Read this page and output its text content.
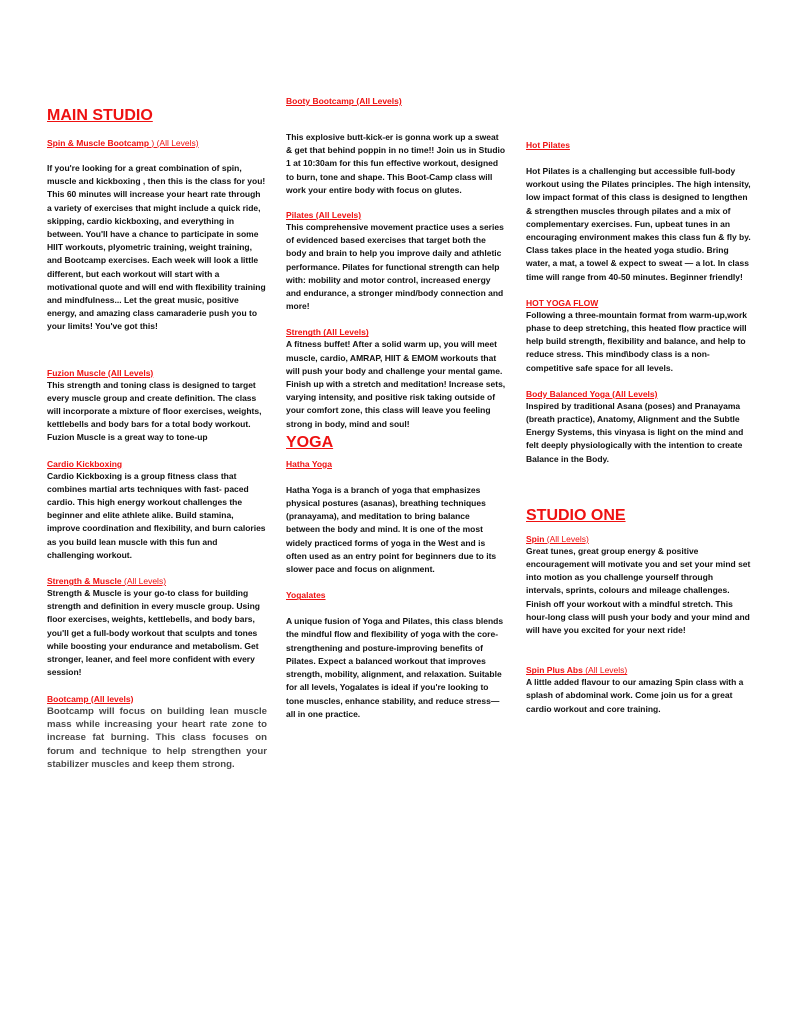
MAIN STUDIO

Spin & Muscle Bootcamp ) (All Levels)

If you're looking for a great combination of spin, muscle and kickboxing , then this is the class for you! This 60 minutes will increase your heart rate through a variety of exercises that might include a quick ride, skipping, cardio kickboxing, and everything in between. You'll have a chance to participate in some HIIT workouts, plyometric training, weight training, and Bootcamp exercises. Each week will look a little different, but each workout will start with a motivational quote and will end with flexibility training and mindfulness... Let the great music, positive energy, and amazing class camaraderie push you to your limits! You've got this!

Fuzion Muscle (All Levels)

This strength and toning class is designed to target every muscle group and create definition. The class will incorporate a mixture of floor exercises, weights, kettlebells and body bars for a total body workout. Fuzion Muscle is a great way to tone-up

Cardio Kickboxing

Cardio Kickboxing is a group fitness class that combines martial arts techniques with fast- paced cardio. This high energy workout challenges the beginner and elite athlete alike. Build stamina, improve coordination and flexibility, and burn calories as you build lean muscle with this fun and challenging workout.

Strength & Muscle (All Levels)

Strength & Muscle is your go-to class for building strength and definition in every muscle group. Using floor exercises, weights, kettlebells, and body bars, you'll get a full-body workout that sculpts and tones while boosting your endurance and metabolism. Get stronger, leaner, and feel more confident with every session!

Bootcamp (All levels)

Bootcamp will focus on building lean muscle mass while increasing your heart rate zone to increase fat burning. This class focuses on forum and technique to help strengthen your stabilizer muscles and keep them strong.

Booty Bootcamp (All Levels)

This explosive butt-kick-er is gonna work up a sweat & get that behind poppin in no time!! Join us in Studio 1 at 10:30am for this fun effective workout, designed to burn, tone and shape. This Boot-Camp class will work your entire body with focus on glutes.

Pilates (All Levels)

This comprehensive movement practice uses a series of evidenced based exercises that target both the body and brain to help you improve daily and athletic performance. Pilates for functional strength can help with: mobility and motor control, increased energy and endurance, a stronger mind/body connection and more!

Strength (All Levels)

A fitness buffet! After a solid warm up, you will meet muscle, cardio, AMRAP, HIIT & EMOM workouts that will push your body and challenge your mental game. Finish up with a stretch and meditation! Increase sets, varying intensity, and positive risk taking outside of your comfort zone, this class will leave you feeling strong in body, mind and soul!

YOGA

Hatha Yoga

Hatha Yoga is a branch of yoga that emphasizes physical postures (asanas), breathing techniques (pranayama), and meditation to bring balance between the body and mind. It is one of the most widely practiced forms of yoga in the West and is often used as an entry point for beginners due to its slower pace and focus on alignment.

Yogalates

A unique fusion of Yoga and Pilates, this class blends the mindful flow and flexibility of yoga with the core-strengthening and posture-improving benefits of Pilates. Expect a balanced workout that improves strength, mobility, alignment, and relaxation. Suitable for all levels, Yogalates is ideal if you're looking to tone muscles, enhance stability, and reduce stress—all in one practice.

Hot Pilates

Hot Pilates is a challenging but accessible full-body workout using the Pilates principles. The high intensity, low impact format of this class is designed to lengthen & strengthen muscles through pilates and a mix of complementary exercises. Fun, upbeat tunes in an encouraging environment makes this class fun & fly by. Class takes place in the heated yoga studio. Bring water, a mat, a towel & expect to sweat — a lot. In class time will range from 40-50 minutes. Beginner friendly!

HOT YOGA FLOW

Following a three-mountain format from warm-up,work phase to deep stretching, this heated flow practice will help build strength, flexibility and balance, and help to reduce stress. This mind\body class is a non-competitive safe space for all levels.

Body Balanced Yoga (All Levels)

Inspired by traditional Asana (poses) and Pranayama (breath practice), Anatomy, Alignment and the Subtle Energy Systems, this vinyasa is light on the mind and felt deeply physiologically with the intention to create Balance in the Body.

STUDIO ONE

Spin (All Levels)

Great tunes, great group energy & positive encouragement will motivate you and set your mind set into motion as you challenge yourself through intervals, sprints, colours and mileage challenges. Finish off your workout with a mindful stretch. This hour-long class will push your body and your mind and will have you excited for your next ride!

Spin Plus Abs (All Levels)

A little added flavour to our amazing Spin class with a splash of abdominal work. Come join us for a great cardio workout and core training.
